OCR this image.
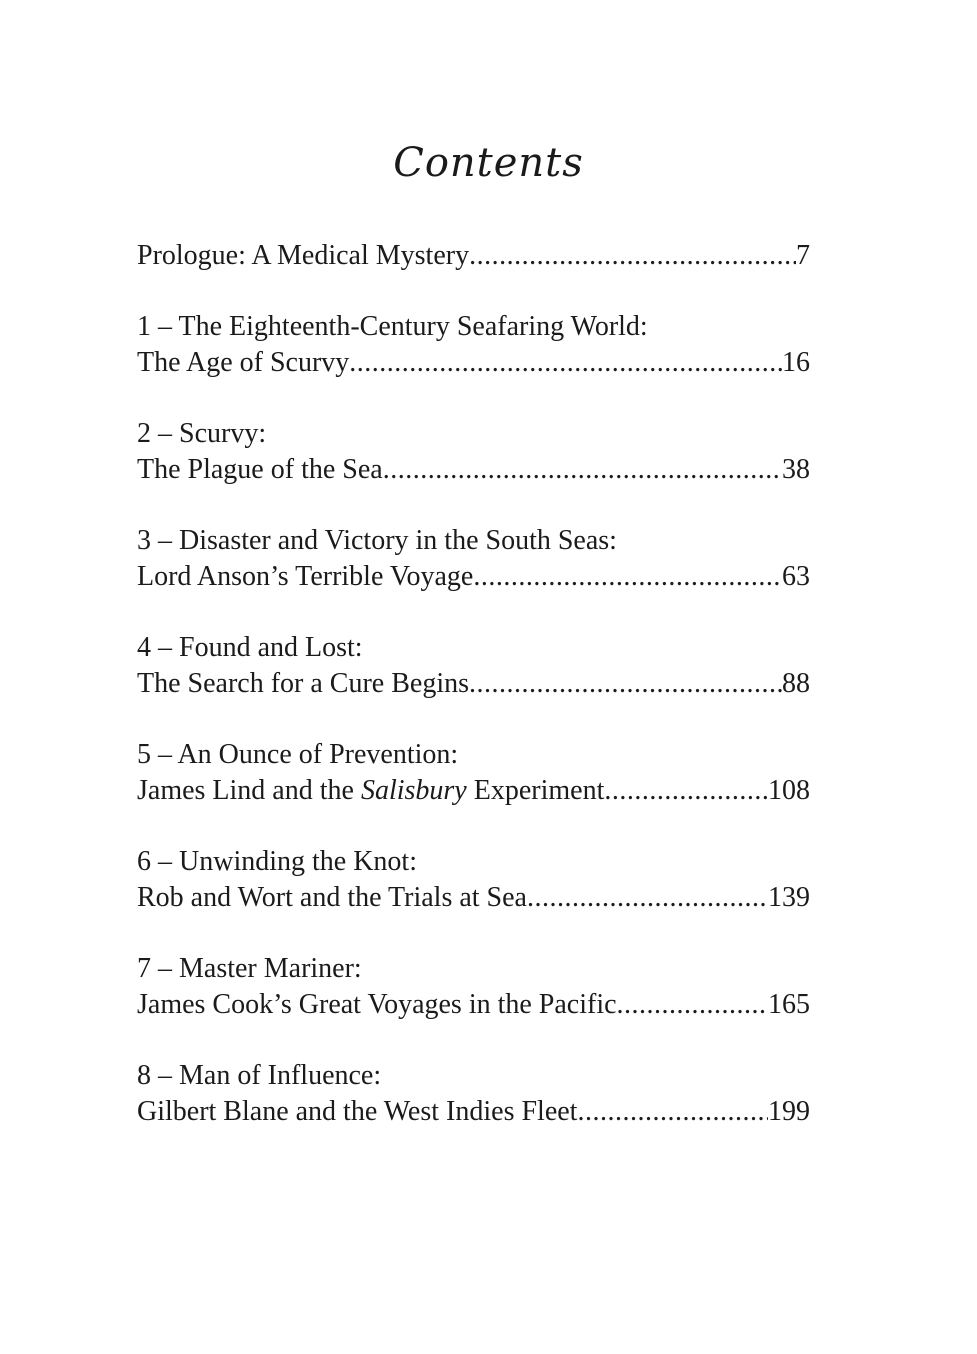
Contents
Prologue: A Medical Mystery .....	7
1 – The Eighteenth-Century Seafaring World:
The Age of Scurvy .....	16
2 – Scurvy:
The Plague of the Sea .....	38
3 – Disaster and Victory in the South Seas:
Lord Anson’s Terrible Voyage .....	63
4 – Found and Lost:
The Search for a Cure Begins .....	88
5 – An Ounce of Prevention:
James Lind and the Salisbury Experiment .....	108
6 – Unwinding the Knot:
Rob and Wort and the Trials at Sea .....	139
7 – Master Mariner:
James Cook’s Great Voyages in the Pacific .....	165
8 – Man of Influence:
Gilbert Blane and the West Indies Fleet .....	199
